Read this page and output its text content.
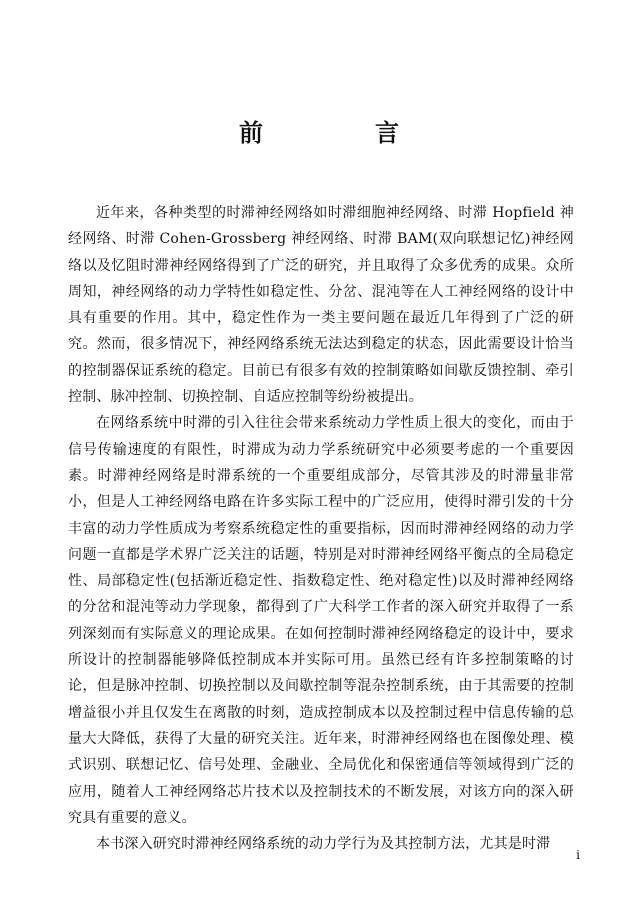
前　言

近年来，各种类型的时滞神经网络如时滞细胞神经网络、时滞 Hopfield 神经网络、时滞 Cohen-Grossberg 神经网络、时滞 BAM(双向联想记忆)神经网络以及忆阻时滞神经网络得到了广泛的研究，并且取得了众多优秀的成果。众所周知，神经网络的动力学特性如稳定性、分岔、混沌等在人工神经网络的设计中具有重要的作用。其中，稳定性作为一类主要问题在最近几年得到了广泛的研究。然而，很多情况下，神经网络系统无法达到稳定的状态，因此需要设计恰当的控制器保证系统的稳定。目前已有很多有效的控制策略如间歇反馈控制、牵引控制、脉冲控制、切换控制、自适应控制等纷纷被提出。

在网络系统中时滞的引入往往会带来系统动力学性质上很大的变化，而由于信号传输速度的有限性，时滞成为动力学系统研究中必须要考虑的一个重要因素。时滞神经网络是时滞系统的一个重要组成部分，尽管其涉及的时滞量非常小，但是人工神经网络电路在许多实际工程中的广泛应用，使得时滞引发的十分丰富的动力学性质成为考察系统稳定性的重要指标，因而时滞神经网络的动力学问题一直都是学术界广泛关注的话题，特别是对时滞神经网络平衡点的全局稳定性、局部稳定性(包括渐近稳定性、指数稳定性、绝对稳定性)以及时滞神经网络的分岔和混沌等动力学现象，都得到了广大科学工作者的深入研究并取得了一系列深刻而有实际意义的理论成果。在如何控制时滞神经网络稳定的设计中，要求所设计的控制器能够降低控制成本并实际可用。虽然已经有许多控制策略的讨论，但是脉冲控制、切换控制以及间歇控制等混杂控制系统，由于其需要的控制增益很小并且仅发生在离散的时刻，造成控制成本以及控制过程中信息传输的总量大大降低，获得了大量的研究关注。近年来，时滞神经网络也在图像处理、模式识别、联想记忆、信号处理、金融业、全局优化和保密通信等领域得到广泛的应用，随着人工神经网络芯片技术以及控制技术的不断发展，对该方向的深入研究具有重要的意义。

本书深入研究时滞神经网络系统的动力学行为及其控制方法，尤其是时滞

i
